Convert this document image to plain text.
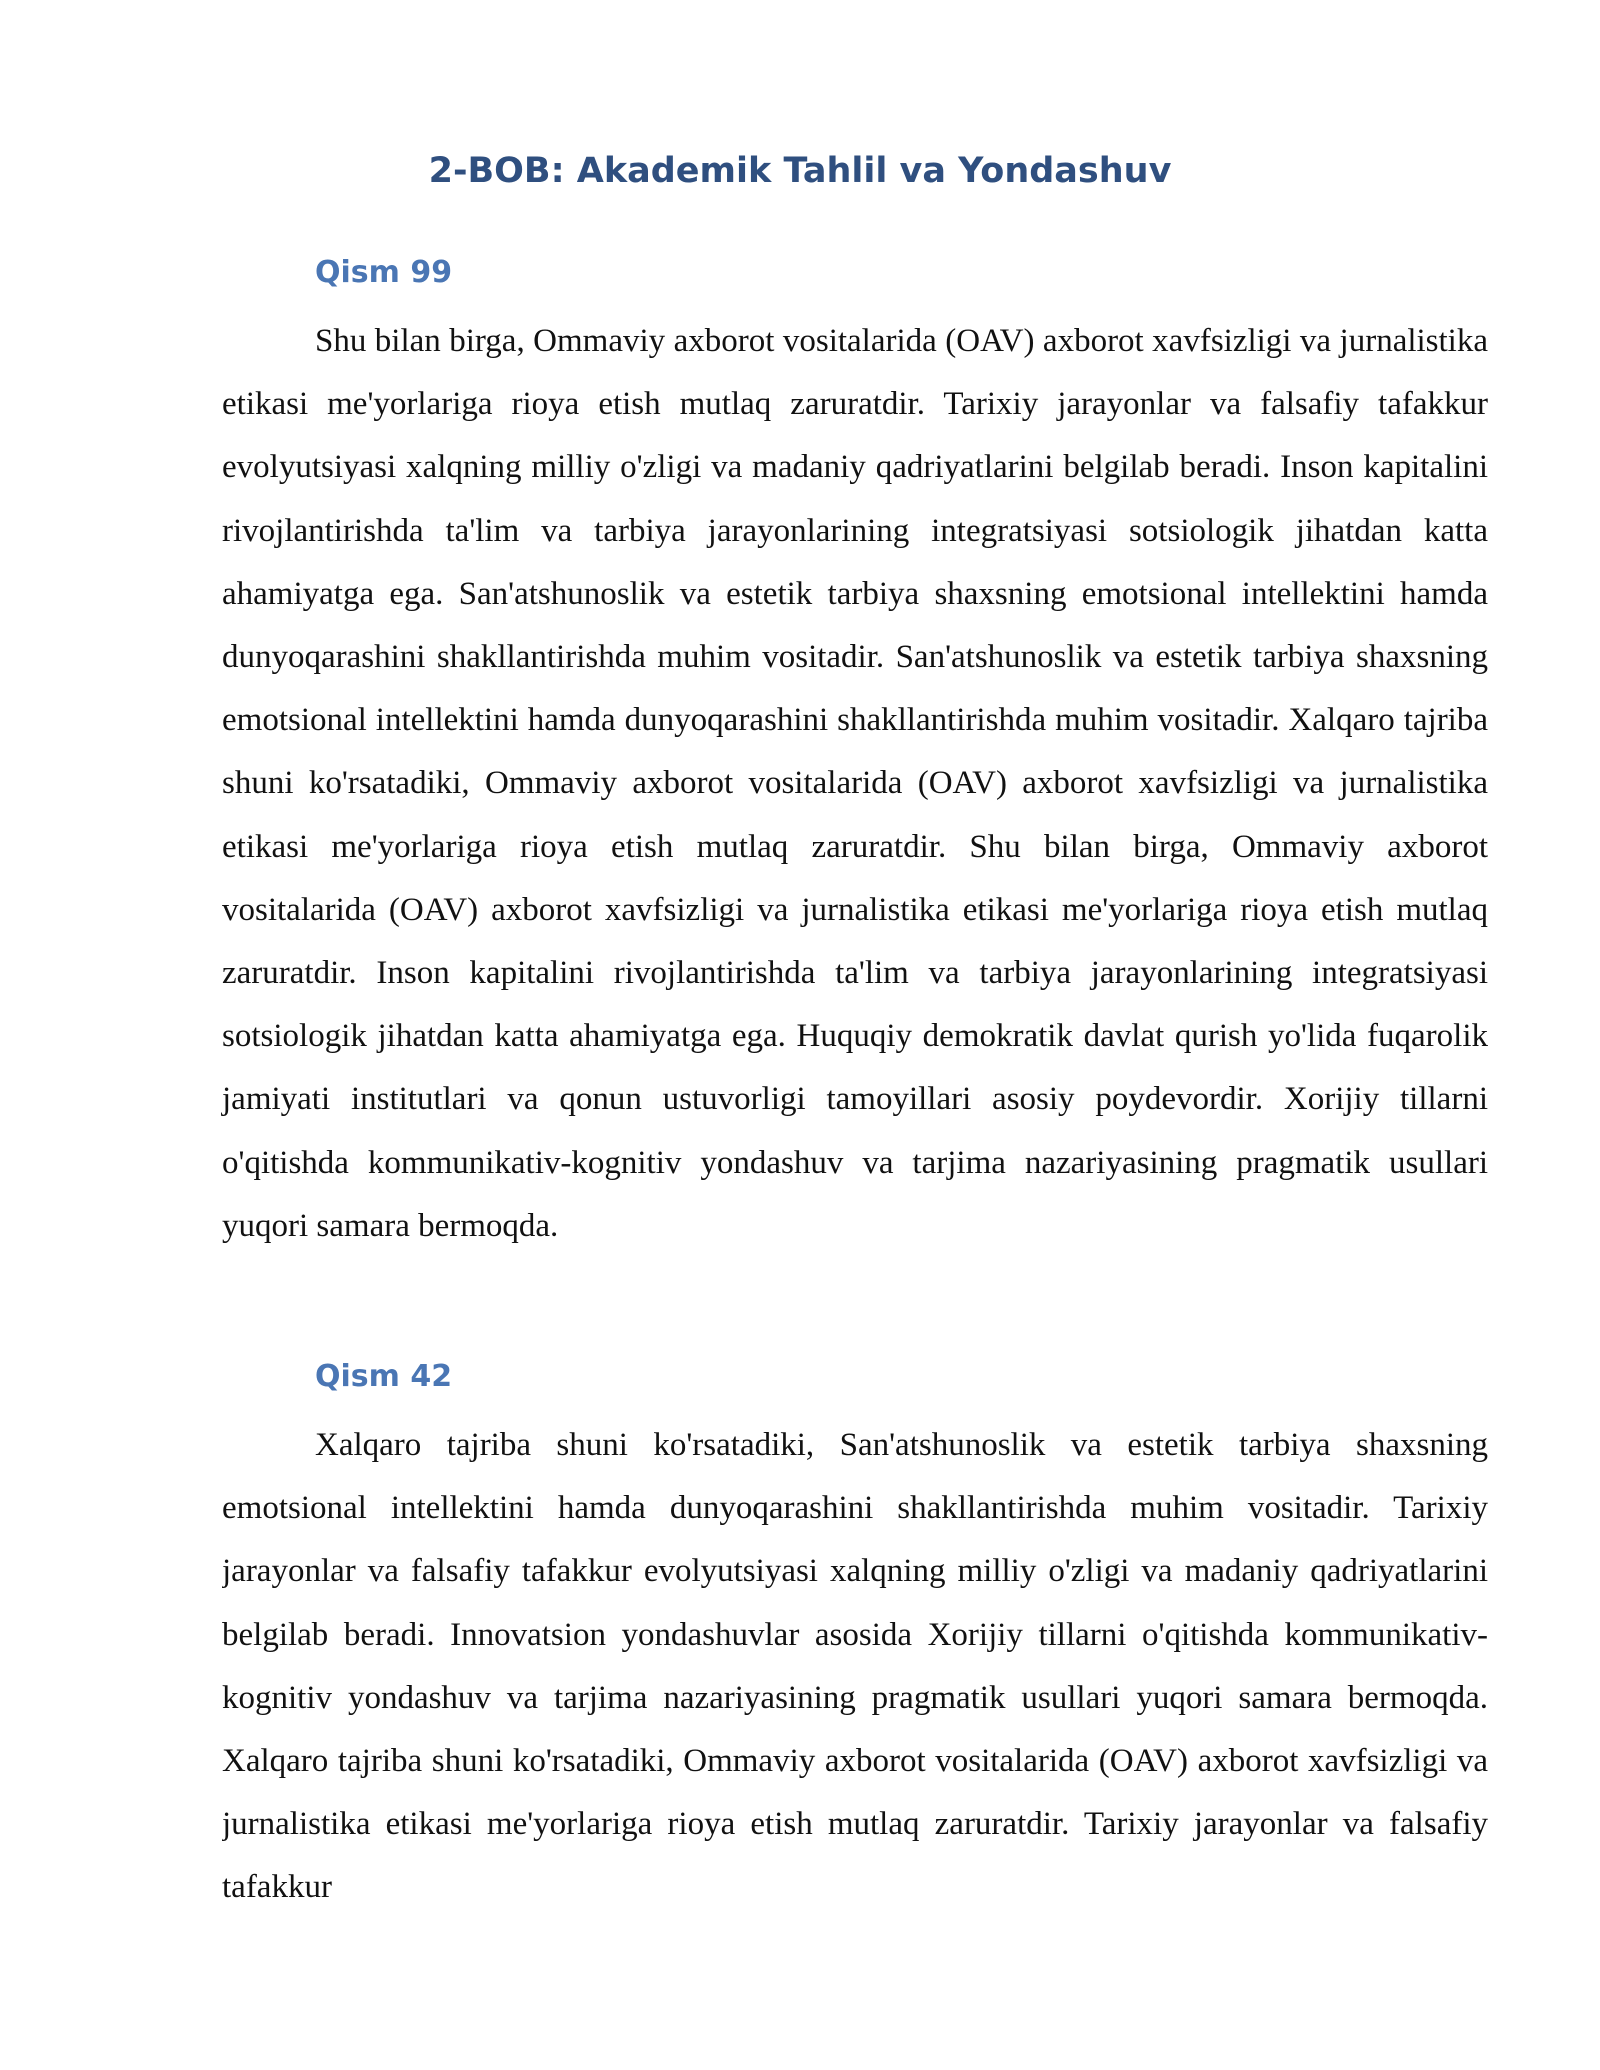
2-BOB: Akademik Tahlil va Yondashuv
Qism 99

Shu bilan birga, Ommaviy axborot vositalarida (OAV) axborot xavfsizligi va jurnalistika etikasi me'yorlariga rioya etish mutlaq zaruratdir. Tarixiy jarayonlar va falsafiy tafakkur evolyutsiyasi xalqning milliy o'zligi va madaniy qadriyatlarini belgilab beradi. Inson kapitalini rivojlantirishda ta'lim va tarbiya jarayonlarining integratsiyasi sotsiologik jihatdan katta ahamiyatga ega. San'atshunoslik va estetik tarbiya shaxsning emotsional intellektini hamda dunyoqarashini shakllantirishda muhim vositadir. San'atshunoslik va estetik tarbiya shaxsning emotsional intellektini hamda dunyoqarashini shakllantirishda muhim vositadir. Xalqaro tajriba shuni ko'rsatadiki, Ommaviy axborot vositalarida (OAV) axborot xavfsizligi va jurnalistika etikasi me'yorlariga rioya etish mutlaq zaruratdir. Shu bilan birga, Ommaviy axborot vositalarida (OAV) axborot xavfsizligi va jurnalistika etikasi me'yorlariga rioya etish mutlaq zaruratdir. Inson kapitalini rivojlantirishda ta'lim va tarbiya jarayonlarining integratsiyasi sotsiologik jihatdan katta ahamiyatga ega. Huquqiy demokratik davlat qurish yo'lida fuqarolik jamiyati institutlari va qonun ustuvorligi tamoyillari asosiy poydevordir. Xorijiy tillarni o'qitishda kommunikativ-kognitiv yondashuv va tarjima nazariyasining pragmatik usullari yuqori samara bermoqda.

Qism 42

Xalqaro tajriba shuni ko'rsatadiki, San'atshunoslik va estetik tarbiya shaxsning emotsional intellektini hamda dunyoqarashini shakllantirishda muhim vositadir. Tarixiy jarayonlar va falsafiy tafakkur evolyutsiyasi xalqning milliy o'zligi va madaniy qadriyatlarini belgilab beradi. Innovatsion yondashuvlar asosida Xorijiy tillarni o'qitishda kommunikativ-kognitiv yondashuv va tarjima nazariyasining pragmatik usullari yuqori samara bermoqda. Xalqaro tajriba shuni ko'rsatadiki, Ommaviy axborot vositalarida (OAV) axborot xavfsizligi va jurnalistika etikasi me'yorlariga rioya etish mutlaq zaruratdir. Tarixiy jarayonlar va falsafiy tafakkur
